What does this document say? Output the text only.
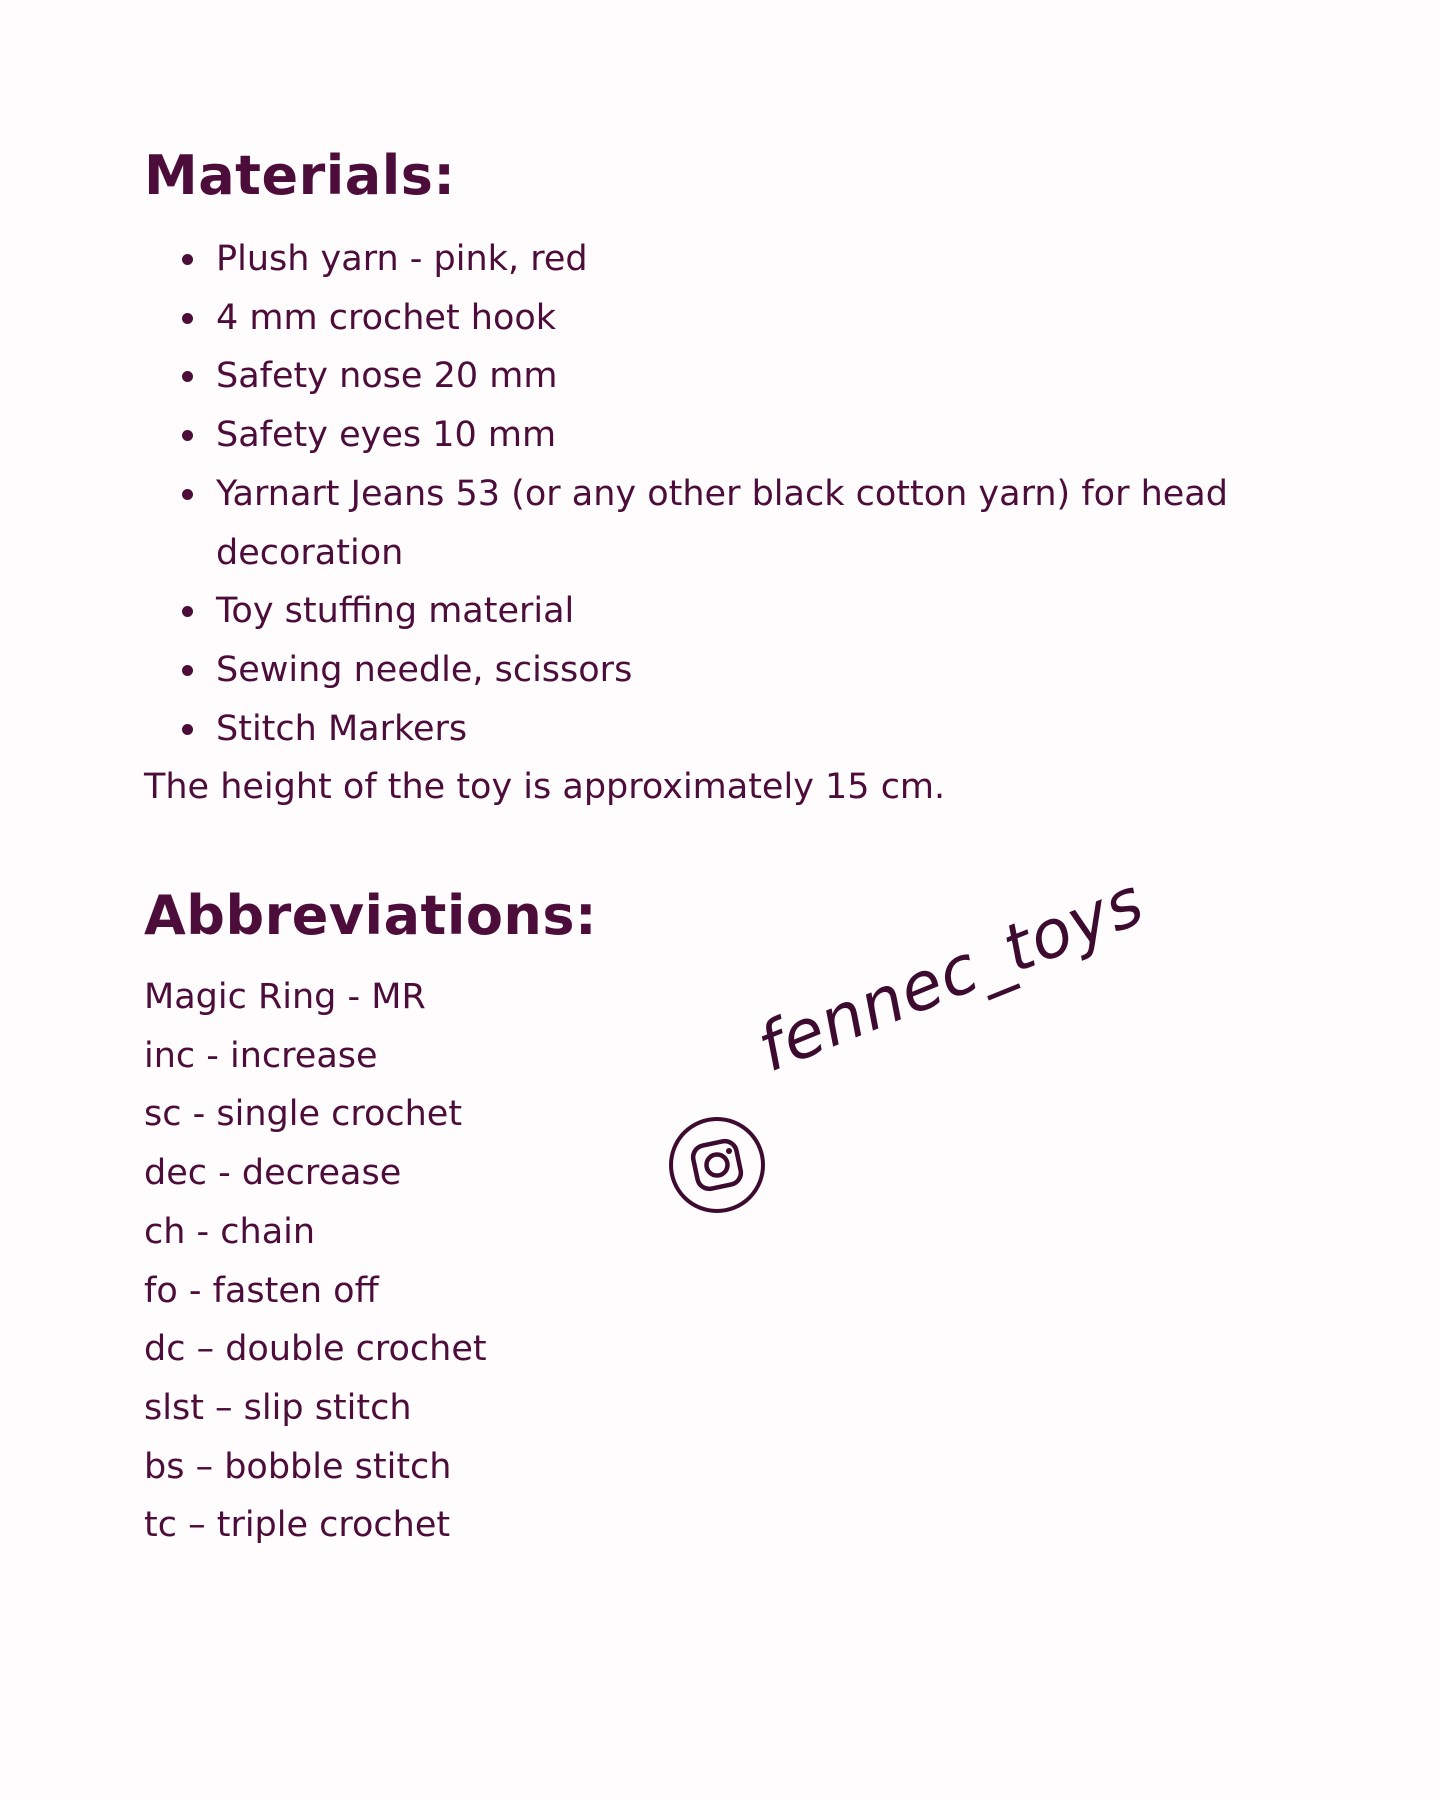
Materials:
Plush yarn - pink, red
4 mm crochet hook
Safety nose 20 mm
Safety eyes 10 mm
Yarnart Jeans 53 (or any other black cotton yarn) for head decoration
Toy stuffing material
Sewing needle, scissors
Stitch Markers

The height of the toy is approximately 15 cm.

Abbreviations:
Magic Ring - MR
inc - increase
sc - single crochet
dec - decrease
ch - chain
fo - fasten off
dc – double crochet
slst – slip stitch
bs – bobble stitch
tc – triple crochet
fennec_toys
